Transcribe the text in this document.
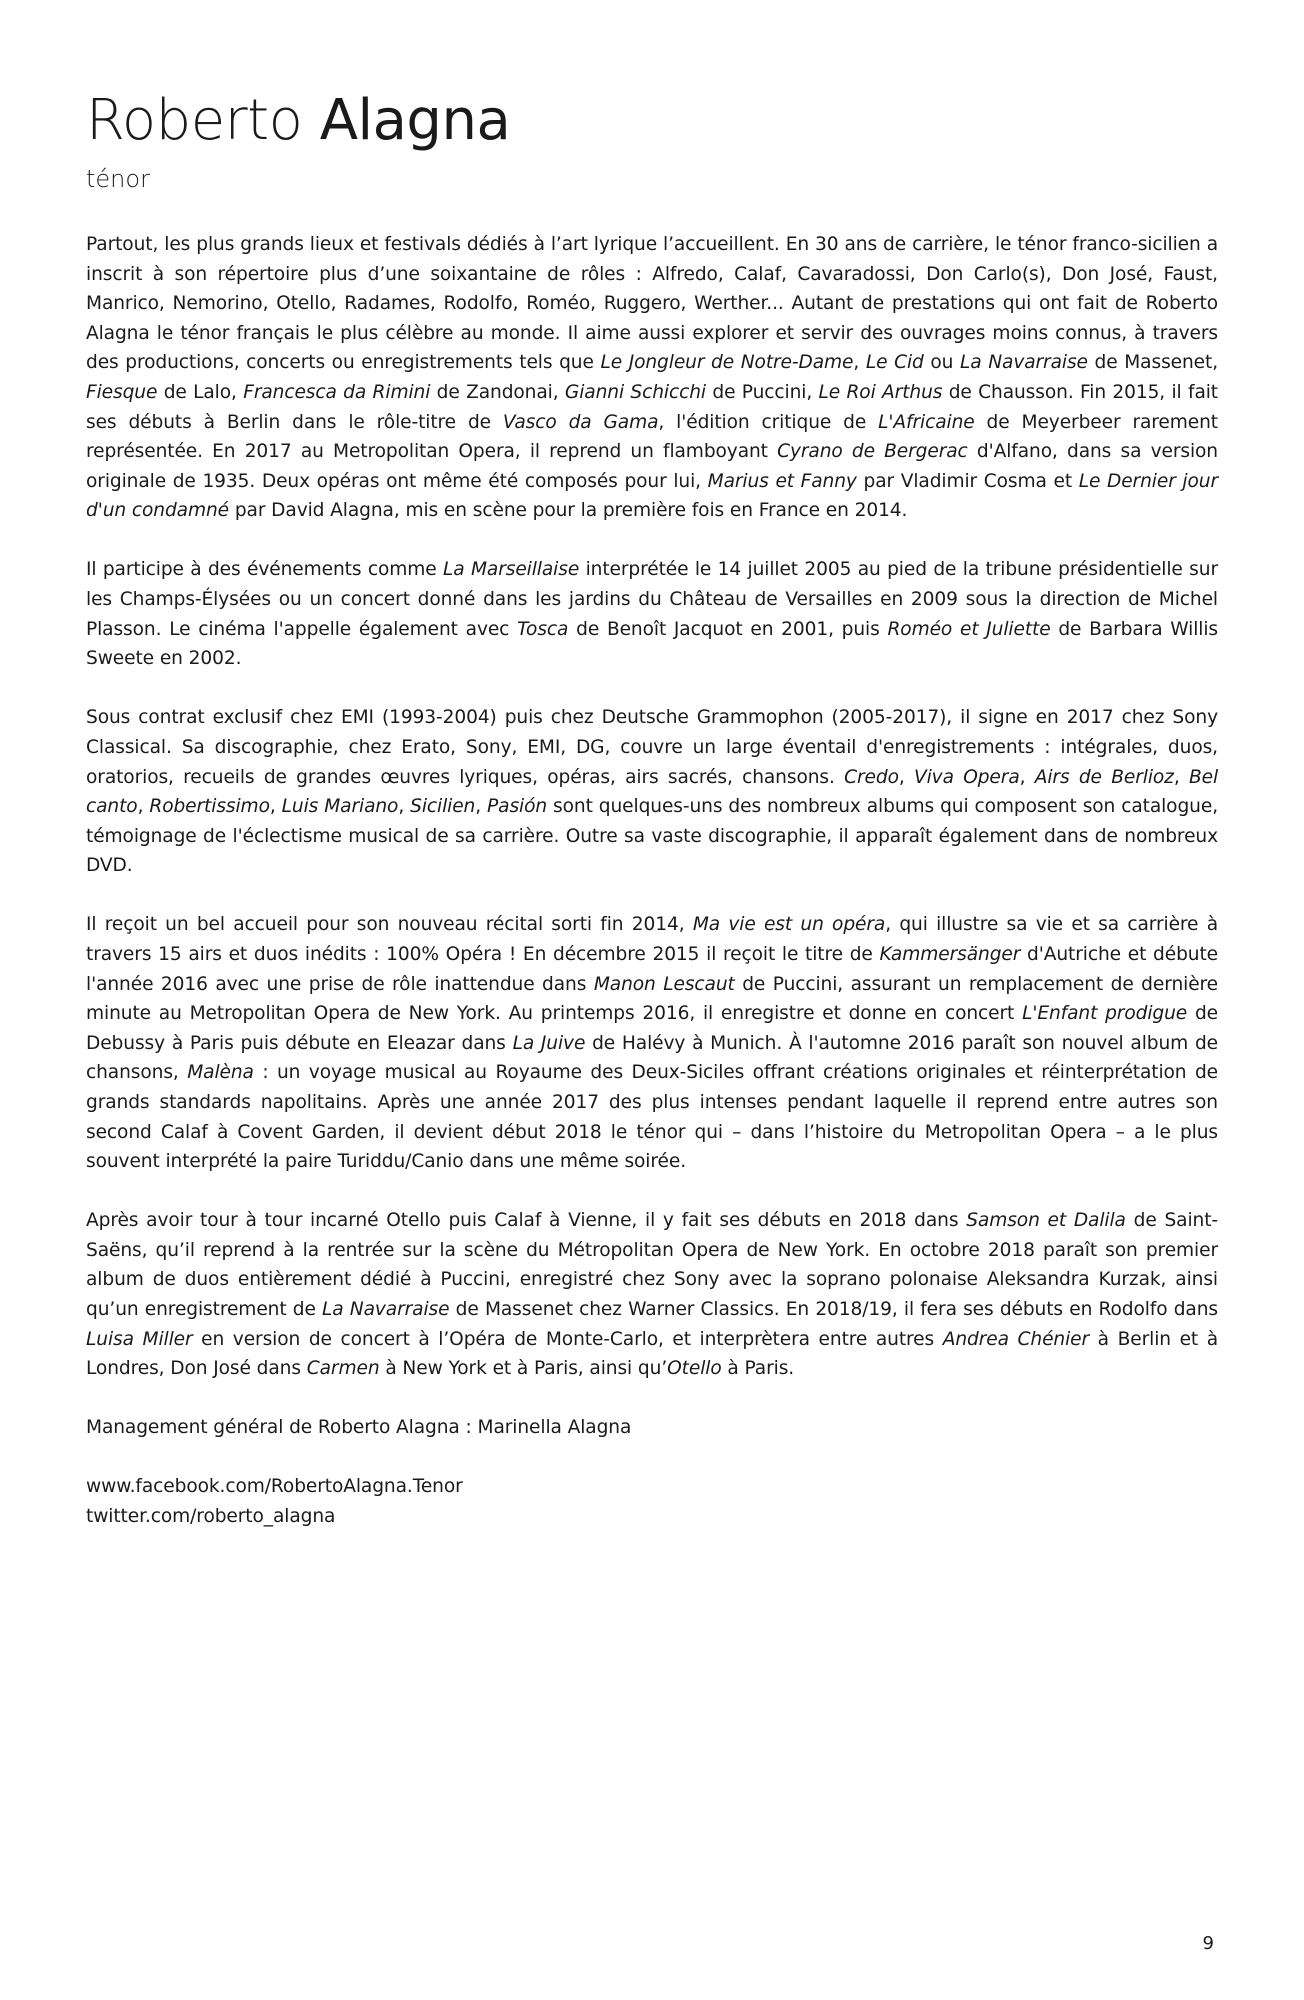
Roberto Alagna
ténor

Partout, les plus grands lieux et festivals dédiés à l’art lyrique l’accueillent. En 30 ans de carrière, le ténor franco-sicilien a inscrit à son répertoire plus d’une soixantaine de rôles : Alfredo, Calaf, Cavaradossi, Don Carlo(s), Don José, Faust, Manrico, Nemorino, Otello, Radames, Rodolfo, Roméo, Ruggero, Werther... Autant de prestations qui ont fait de Roberto Alagna le ténor français le plus célèbre au monde. Il aime aussi explorer et servir des ouvrages moins connus, à travers des productions, concerts ou enregistrements tels que Le Jongleur de Notre-Dame, Le Cid ou La Navarraise de Massenet, Fiesque de Lalo, Francesca da Rimini de Zandonai, Gianni Schicchi de Puccini, Le Roi Arthus de Chausson. Fin 2015, il fait ses débuts à Berlin dans le rôle-titre de Vasco da Gama, l'édition critique de L'Africaine de Meyerbeer rarement représentée. En 2017 au Metropolitan Opera, il reprend un flamboyant Cyrano de Bergerac d'Alfano, dans sa version originale de 1935. Deux opéras ont même été composés pour lui, Marius et Fanny par Vladimir Cosma et Le Dernier jour d'un condamné par David Alagna, mis en scène pour la première fois en France en 2014.

Il participe à des événements comme La Marseillaise interprétée le 14 juillet 2005 au pied de la tribune présidentielle sur les Champs-Élysées ou un concert donné dans les jardins du Château de Versailles en 2009 sous la direction de Michel Plasson. Le cinéma l'appelle également avec Tosca de Benoît Jacquot en 2001, puis Roméo et Juliette de Barbara Willis Sweete en 2002.

Sous contrat exclusif chez EMI (1993-2004) puis chez Deutsche Grammophon (2005-2017), il signe en 2017 chez Sony Classical. Sa discographie, chez Erato, Sony, EMI, DG, couvre un large éventail d'enregistrements : intégrales, duos, oratorios, recueils de grandes œuvres lyriques, opéras, airs sacrés, chansons. Credo, Viva Opera, Airs de Berlioz, Bel canto, Robertissimo, Luis Mariano, Sicilien, Pasión sont quelques-uns des nombreux albums qui composent son catalogue, témoignage de l'éclectisme musical de sa carrière. Outre sa vaste discographie, il apparaît également dans de nombreux DVD.

Il reçoit un bel accueil pour son nouveau récital sorti fin 2014, Ma vie est un opéra, qui illustre sa vie et sa carrière à travers 15 airs et duos inédits : 100% Opéra ! En décembre 2015 il reçoit le titre de Kammersänger d'Autriche et débute l'année 2016 avec une prise de rôle inattendue dans Manon Lescaut de Puccini, assurant un remplacement de dernière minute au Metropolitan Opera de New York. Au printemps 2016, il enregistre et donne en concert L'Enfant prodigue de Debussy à Paris puis débute en Eleazar dans La Juive de Halévy à Munich. À l'automne 2016 paraît son nouvel album de chansons, Malèna : un voyage musical au Royaume des Deux-Siciles offrant créations originales et réinterprétation de grands standards napolitains. Après une année 2017 des plus intenses pendant laquelle il reprend entre autres son second Calaf à Covent Garden, il devient début 2018 le ténor qui – dans l’histoire du Metropolitan Opera – a le plus souvent interprété la paire Turiddu/Canio dans une même soirée.

Après avoir tour à tour incarné Otello puis Calaf à Vienne, il y fait ses débuts en 2018 dans Samson et Dalila de Saint-Saëns, qu’il reprend à la rentrée sur la scène du Métropolitan Opera de New York. En octobre 2018 paraît son premier album de duos entièrement dédié à Puccini, enregistré chez Sony avec la soprano polonaise Aleksandra Kurzak, ainsi qu’un enregistrement de La Navarraise de Massenet chez Warner Classics. En 2018/19, il fera ses débuts en Rodolfo dans Luisa Miller en version de concert à l’Opéra de Monte-Carlo, et interprètera entre autres Andrea Chénier à Berlin et à Londres, Don José dans Carmen à New York et à Paris, ainsi qu’Otello à Paris.

Management général de Roberto Alagna : Marinella Alagna
www.facebook.com/RobertoAlagna.Tenor
twitter.com/roberto_alagna
9
